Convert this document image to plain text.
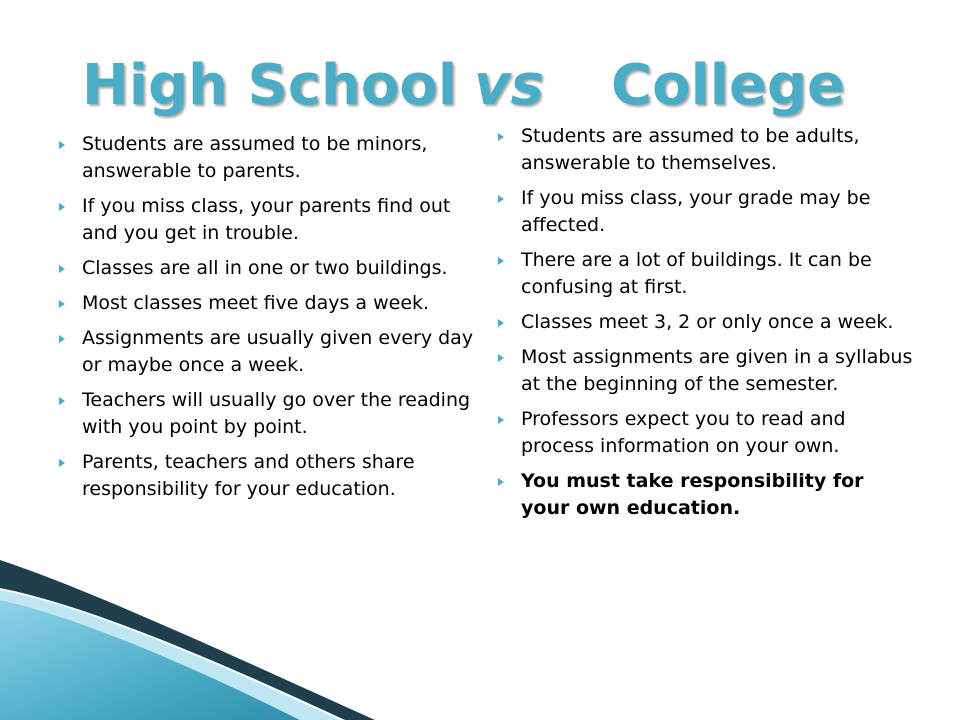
High School vs College
Students are assumed to be minors, answerable to parents.
If you miss class, your parents find out and you get in trouble.
Classes are all in one or two buildings.
Most classes meet five days a week.
Assignments are usually given every day or maybe once a week.
Teachers will usually go over the reading with you point by point.
Parents, teachers and others share responsibility for your education.
Students are assumed to be adults, answerable to themselves.
If you miss class, your grade may be affected.
There are a lot of buildings. It can be confusing at first.
Classes meet 3, 2 or only once a week.
Most assignments are given in a syllabus at the beginning of the semester.
Professors expect you to read and process information on your own.
You must take responsibility for your own education.
